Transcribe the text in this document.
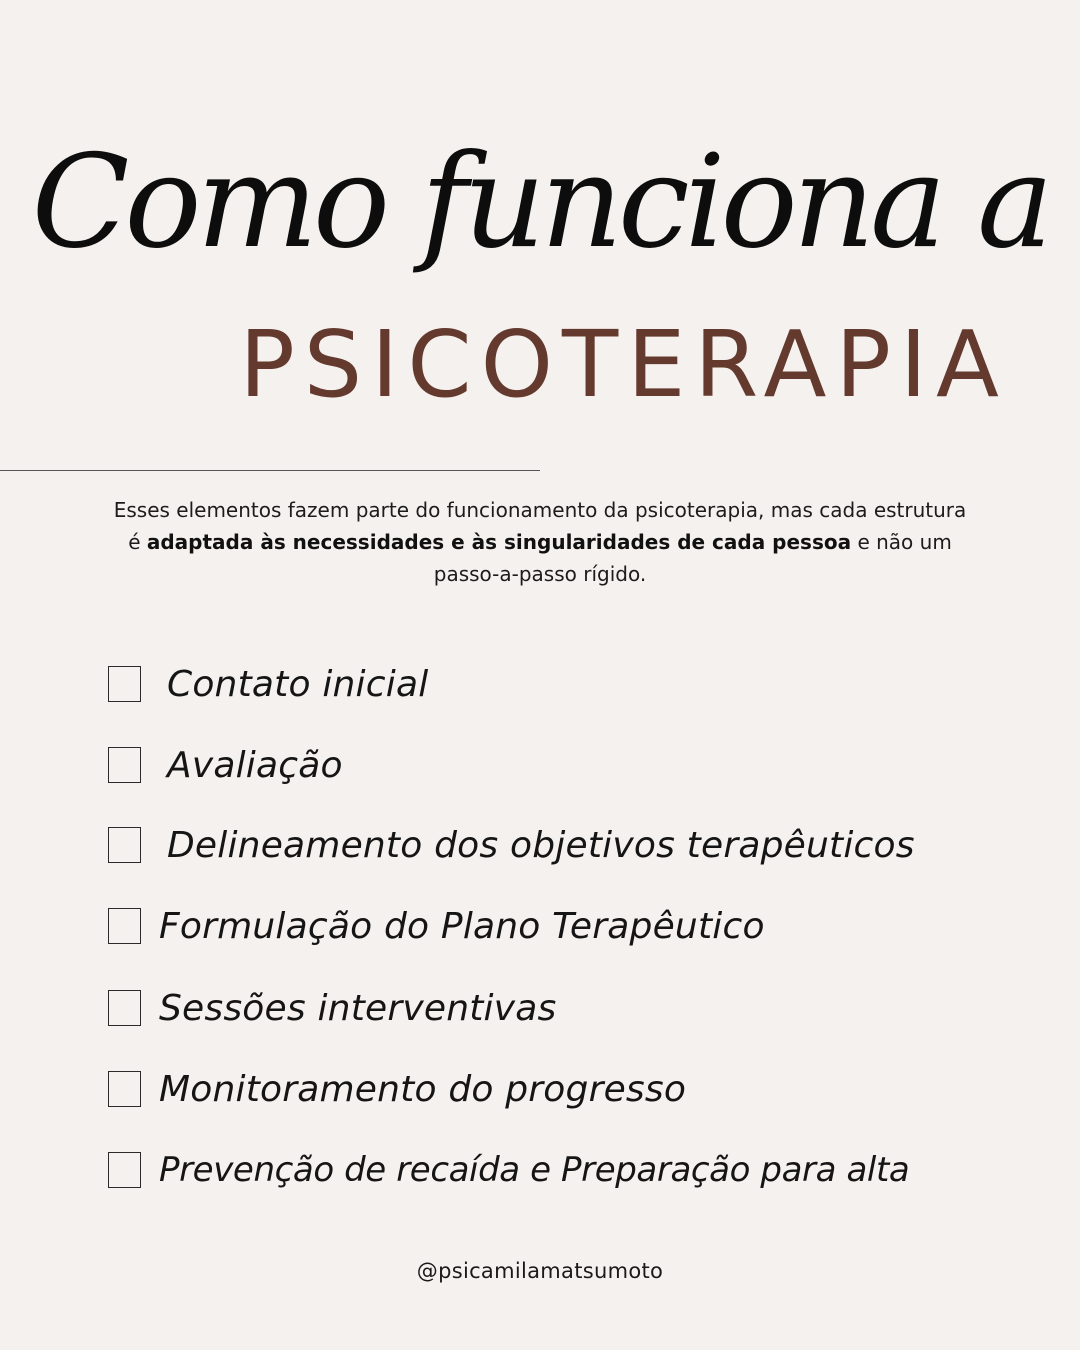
Como funciona a
PSICOTERAPIA

Esses elementos fazem parte do funcionamento da psicoterapia, mas cada estrutura é adaptada às necessidades e às singularidades de cada pessoa e não um passo-a-passo rígido.

Contato inicial
Avaliação
Delineamento dos objetivos terapêuticos
Formulação do Plano Terapêutico
Sessões interventivas
Monitoramento do progresso
Prevenção de recaída e Preparação para alta
@psicamilamatsumoto
